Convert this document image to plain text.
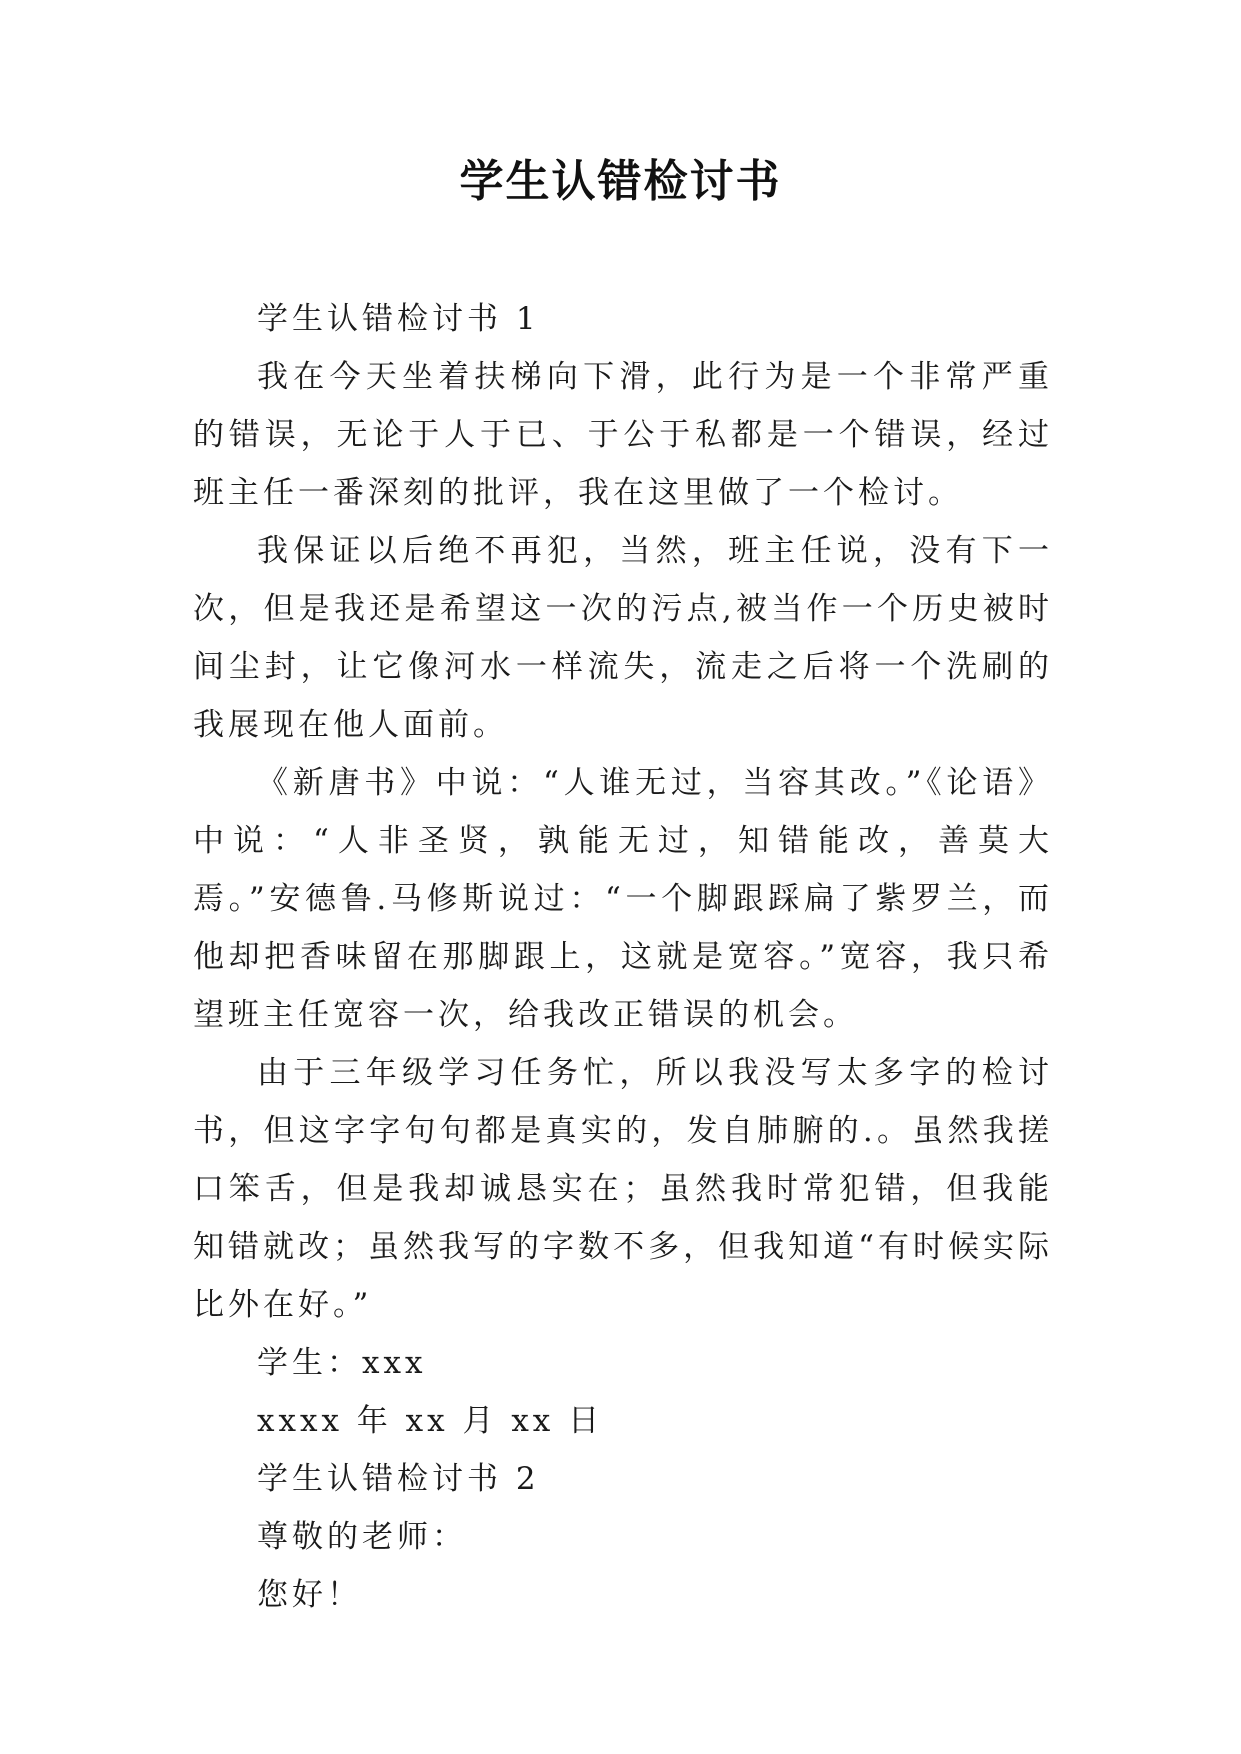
学生认错检讨书

学生认错检讨书 1

我在今天坐着扶梯向下滑，此行为是一个非常严重的错误，无论于人于已、于公于私都是一个错误，经过班主任一番深刻的批评，我在这里做了一个检讨。

我保证以后绝不再犯，当然，班主任说，没有下一次，但是我还是希望这一次的污点,被当作一个历史被时间尘封，让它像河水一样流失，流走之后将一个洗刷的我展现在他人面前。

《新唐书》中说：“人谁无过，当容其改。”《论语》中说：“人非圣贤，孰能无过，知错能改，善莫大焉。”安德鲁.马修斯说过：“一个脚跟踩扁了紫罗兰，而他却把香味留在那脚跟上，这就是宽容。”宽容，我只希望班主任宽容一次，给我改正错误的机会。

由于三年级学习任务忙，所以我没写太多字的检讨书，但这字字句句都是真实的，发自肺腑的.。虽然我搓口笨舌，但是我却诚恳实在；虽然我时常犯错，但我能知错就改；虽然我写的字数不多，但我知道“有时候实际比外在好。”

学生：xxx

xxxx 年 xx 月 xx 日

学生认错检讨书 2

尊敬的老师：

您好！
